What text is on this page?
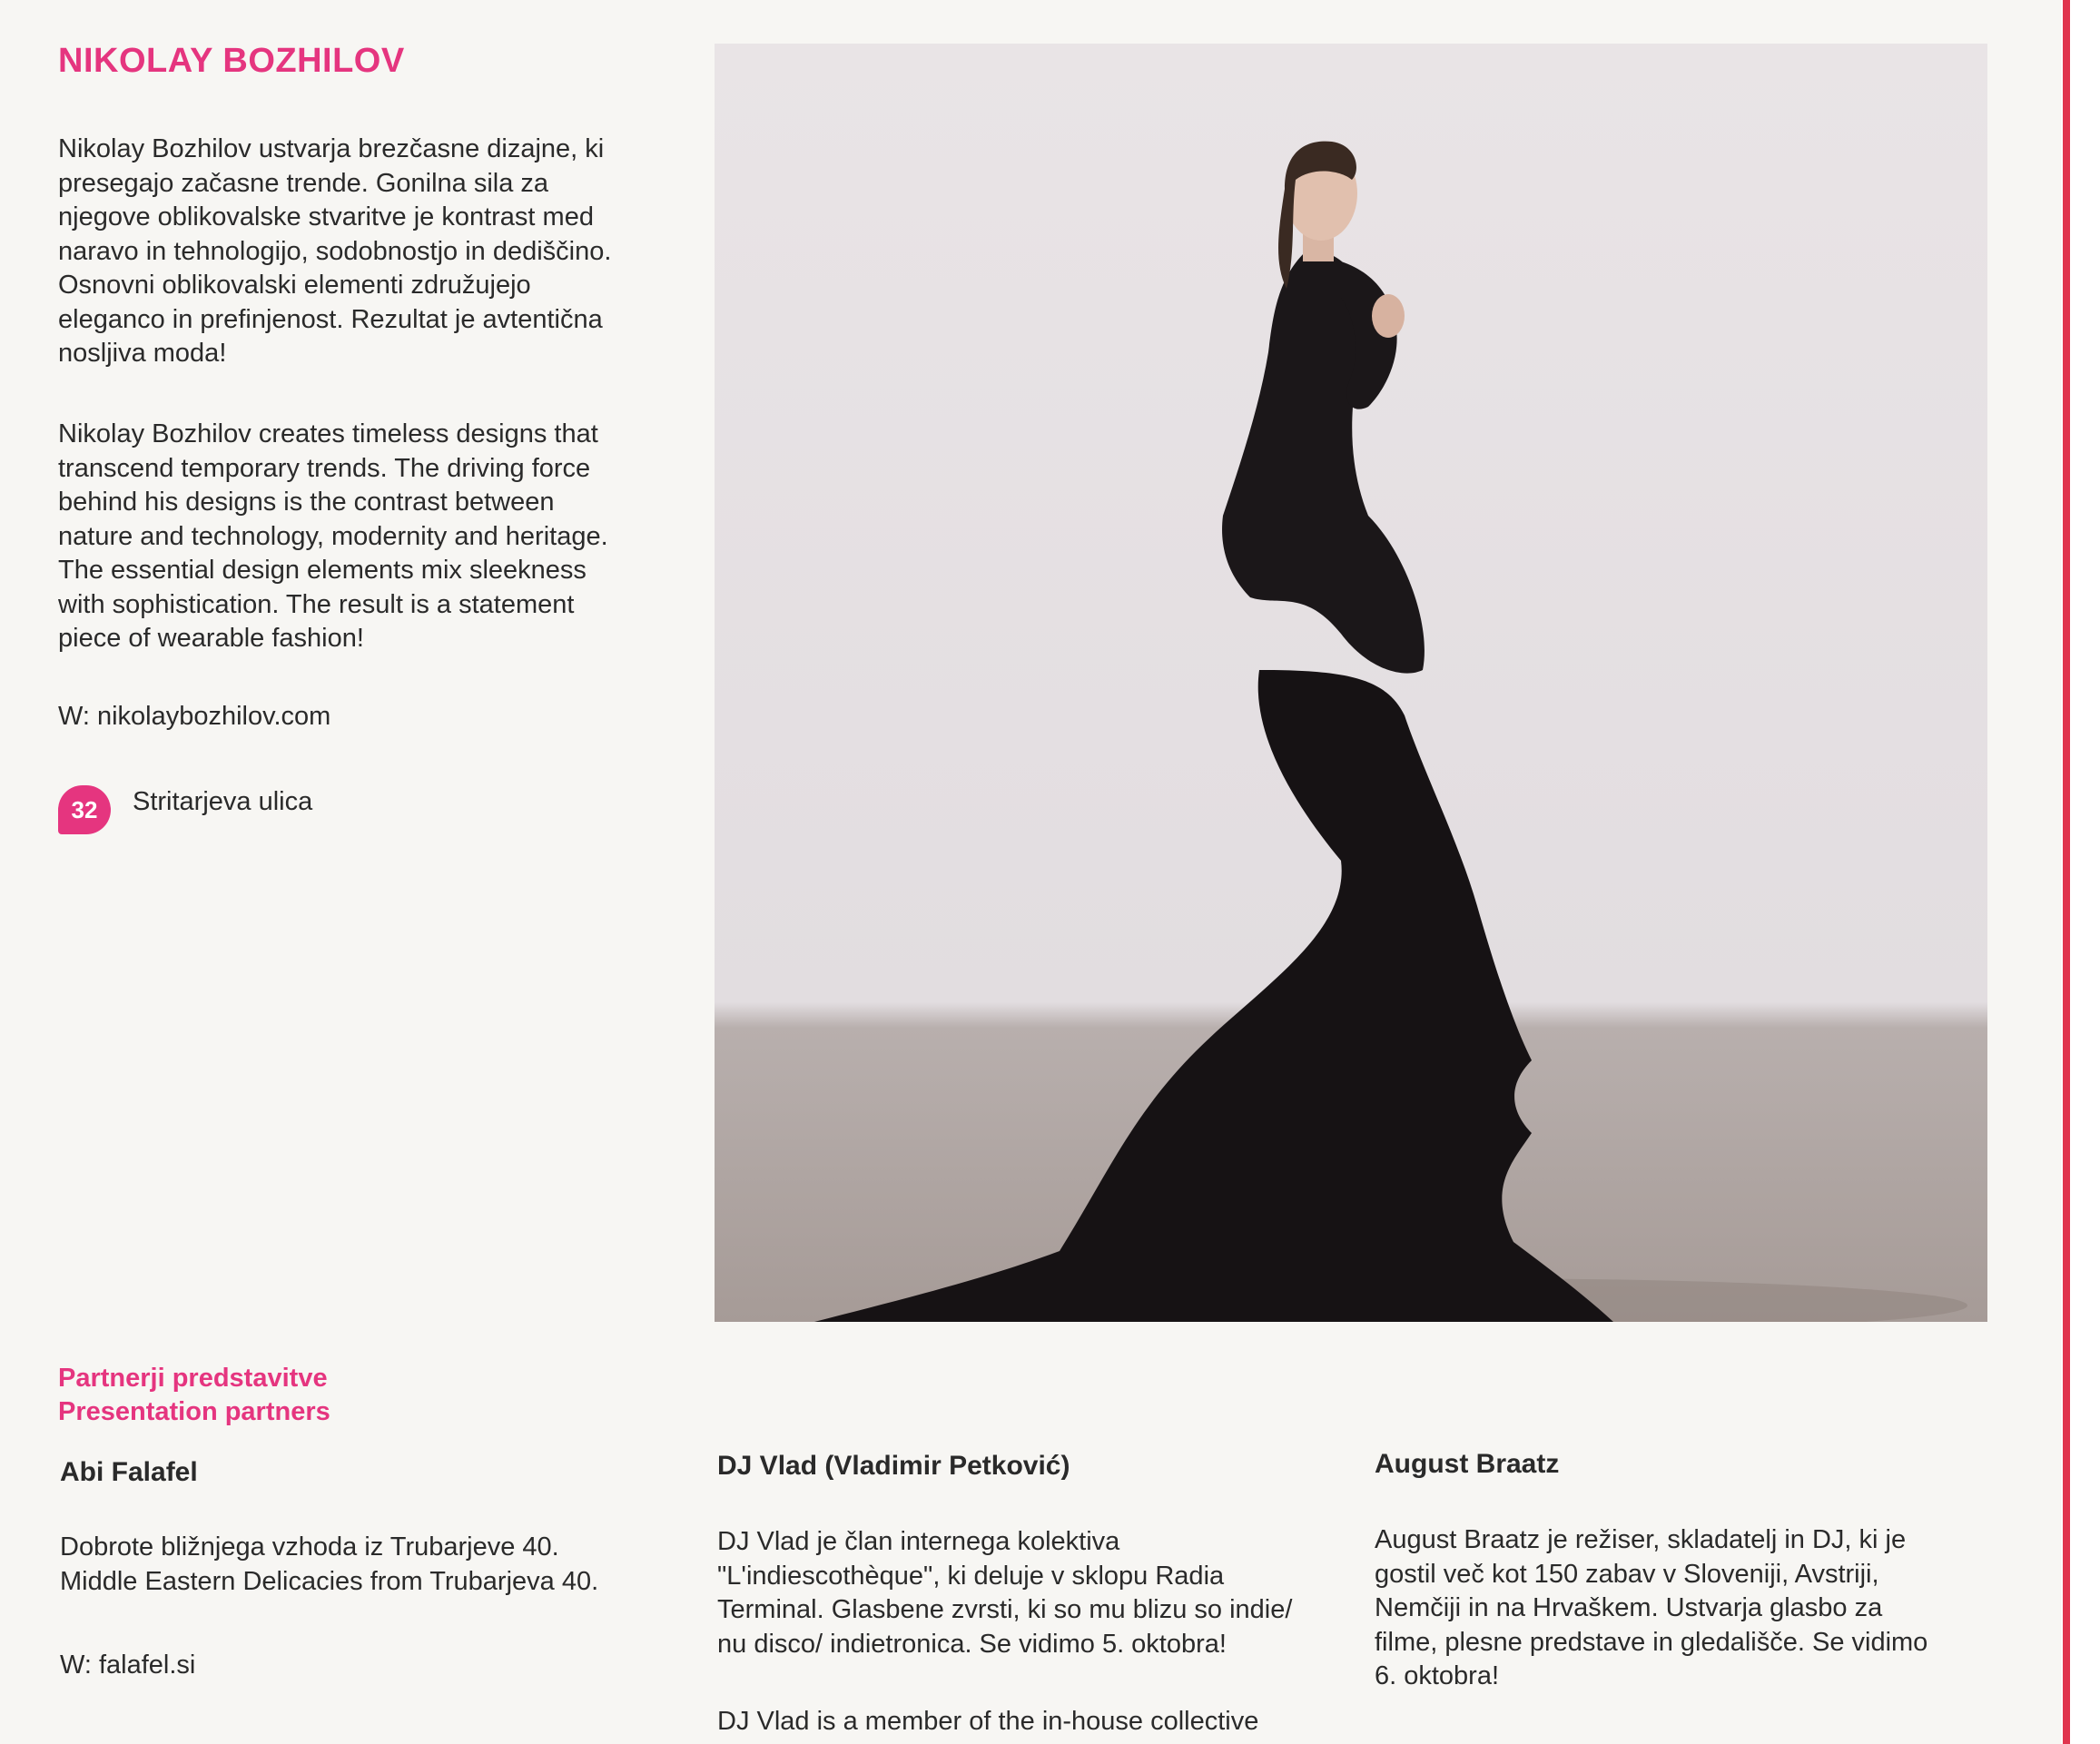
NIKOLAY BOZHILOV
Nikolay Bozhilov ustvarja brezčasne dizajne, ki
presegajo začasne trende. Gonilna sila za
njegove oblikovalske stvaritve je kontrast med
naravo in tehnologijo, sodobnostjo in dediščino.
Osnovni oblikovalski elementi združujejo
eleganco in prefinjenost. Rezultat je avtentična
nosljiva moda!
Nikolay Bozhilov creates timeless designs that
transcend temporary trends. The driving force
behind his designs is the contrast between
nature and technology, modernity and heritage.
The essential design elements mix sleekness
with sophistication. The result is a statement
piece of wearable fashion!

W: nikolaybozhilov.com

32 Stritarjeva ulica

Partnerji predstavitve
Presentation partners

Abi Falafel

Dobrote bližnjega vzhoda iz Trubarjeve 40.
Middle Eastern Delicacies from Trubarjeva 40.

W: falafel.si

DJ Vlad (Vladimir Petković)

DJ Vlad je član internega kolektiva
"L'indiescothèque", ki deluje v sklopu Radia
Terminal. Glasbene zvrsti, ki so mu blizu so indie/
nu disco/ indietronica. Se vidimo 5. oktobra!

DJ Vlad is a member of the in-house collective

August Braatz

August Braatz je režiser, skladatelj in DJ, ki je
gostil več kot 150 zabav v Sloveniji, Avstriji,
Nemčiji in na Hrvaškem. Ustvarja glasbo za
filme, plesne predstave in gledališče. Se vidimo
6. oktobra!
